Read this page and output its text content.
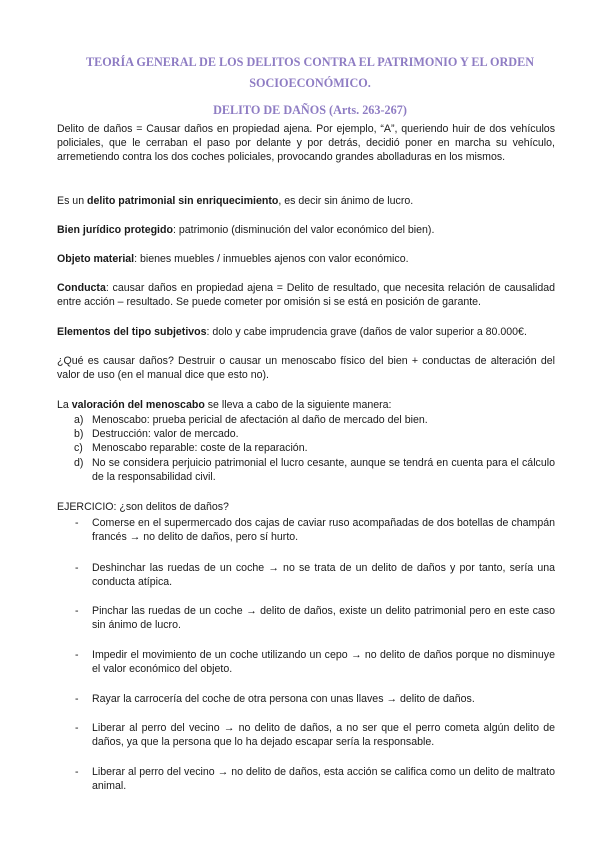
TEORÍA GENERAL DE LOS DELITOS CONTRA EL PATRIMONIO Y EL ORDEN SOCIOECONÓMICO.
DELITO DE DAÑOS (Arts. 263-267)
Delito de daños = Causar daños en propiedad ajena. Por ejemplo, “A”, queriendo huir de dos vehículos policiales, que le cerraban el paso por delante y por detrás, decidió poner en marcha su vehículo, arremetiendo contra los dos coches policiales, provocando grandes abolladuras en los mismos.
Es un delito patrimonial sin enriquecimiento, es decir sin ánimo de lucro.
Bien jurídico protegido: patrimonio (disminución del valor económico del bien).
Objeto material: bienes muebles / inmuebles ajenos con valor económico.
Conducta: causar daños en propiedad ajena = Delito de resultado, que necesita relación de causalidad entre acción – resultado. Se puede cometer por omisión si se está en posición de garante.
Elementos del tipo subjetivos: dolo y cabe imprudencia grave (daños de valor superior a 80.000€.
¿Qué es causar daños? Destruir o causar un menoscabo físico del bien + conductas de alteración del valor de uso (en el manual dice que esto no).
La valoración del menoscabo se lleva a cabo de la siguiente manera:
a) Menoscabo: prueba pericial de afectación al daño de mercado del bien.
b) Destrucción: valor de mercado.
c) Menoscabo reparable: coste de la reparación.
d) No se considera perjuicio patrimonial el lucro cesante, aunque se tendrá en cuenta para el cálculo de la responsabilidad civil.
EJERCICIO: ¿son delitos de daños?
-	Comerse en el supermercado dos cajas de caviar ruso acompañadas de dos botellas de champán francés → no delito de daños, pero sí hurto.
-	Deshinchar las ruedas de un coche → no se trata de un delito de daños y por tanto, sería una conducta atípica.
-	Pinchar las ruedas de un coche → delito de daños, existe un delito patrimonial pero en este caso sin ánimo de lucro.
-	Impedir el movimiento de un coche utilizando un cepo → no delito de daños porque no disminuye el valor económico del objeto.
-	Rayar la carrocería del coche de otra persona con unas llaves → delito de daños.
-	Liberar al perro del vecino → no delito de daños, a no ser que el perro cometa algún delito de daños, ya que la persona que lo ha dejado escapar sería la responsable.
-	Liberar al perro del vecino → no delito de daños, esta acción se califica como un delito de maltrato animal.
